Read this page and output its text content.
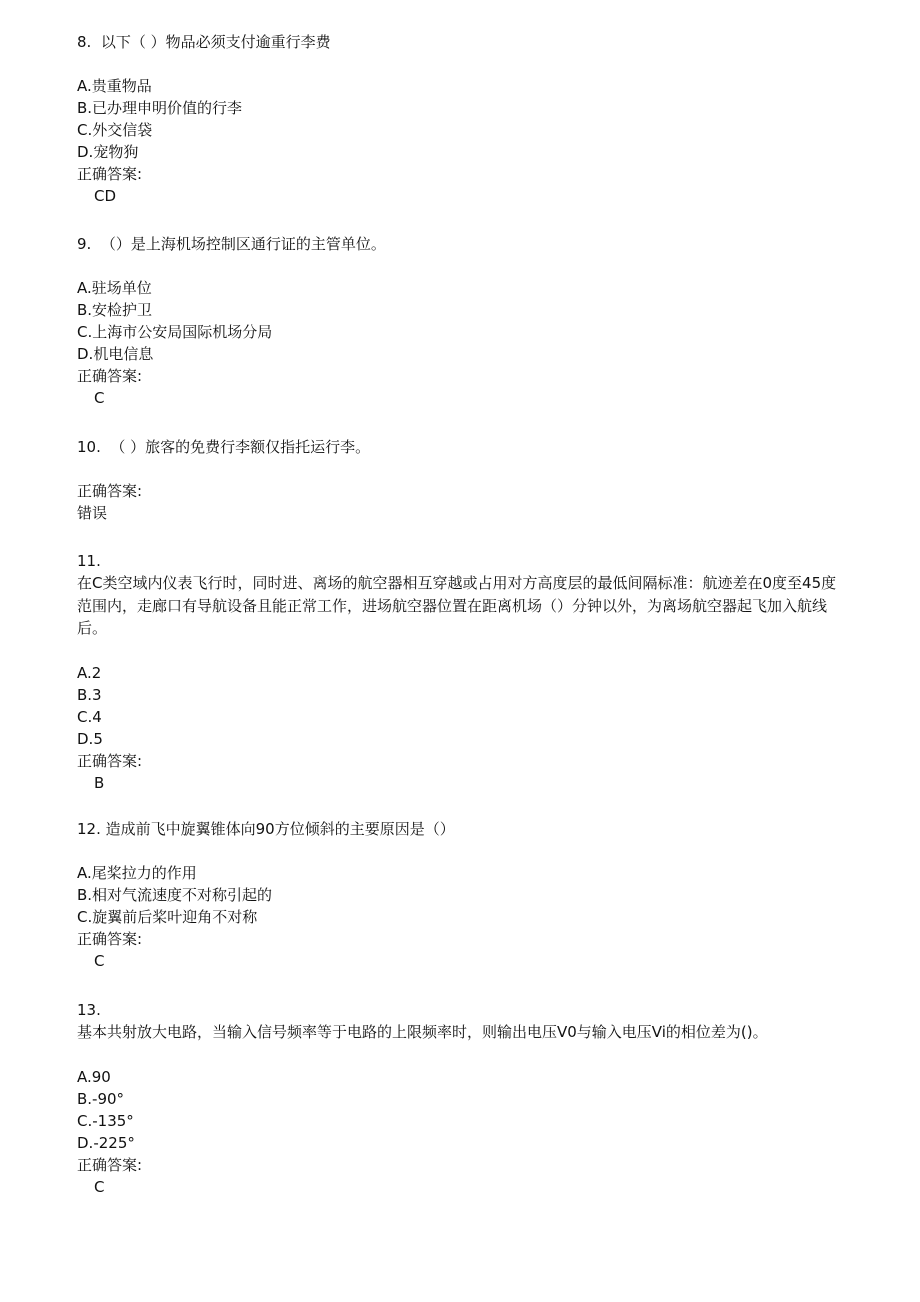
8.  以下（ ）物品必须支付逾重行李费
A.贵重物品
B.已办理申明价值的行李
C.外交信袋
D.宠物狗
正确答案:
CD
9.  （）是上海机场控制区通行证的主管单位。
A.驻场单位
B.安检护卫
C.上海市公安局国际机场分局
D.机电信息
正确答案:
C
10.  （ ）旅客的免费行李额仅指托运行李。
正确答案:
错误
11.
在C类空域内仪表飞行时，同时进、离场的航空器相互穿越或占用对方高度层的最低间隔标准：航迹差在0度至45度范围内，走廊口有导航设备且能正常工作，进场航空器位置在距离机场（）分钟以外，为离场航空器起飞加入航线后。
A.2
B.3
C.4
D.5
正确答案:
B
12. 造成前飞中旋翼锥体向90方位倾斜的主要原因是（）
A.尾桨拉力的作用
B.相对气流速度不对称引起的
C.旋翼前后桨叶迎角不对称
正确答案:
C
13.
基本共射放大电路，当输入信号频率等于电路的上限频率时，则输出电压V0与输入电压Vi的相位差为()。
A.90
B.-90°
C.-135°
D.-225°
正确答案:
C
